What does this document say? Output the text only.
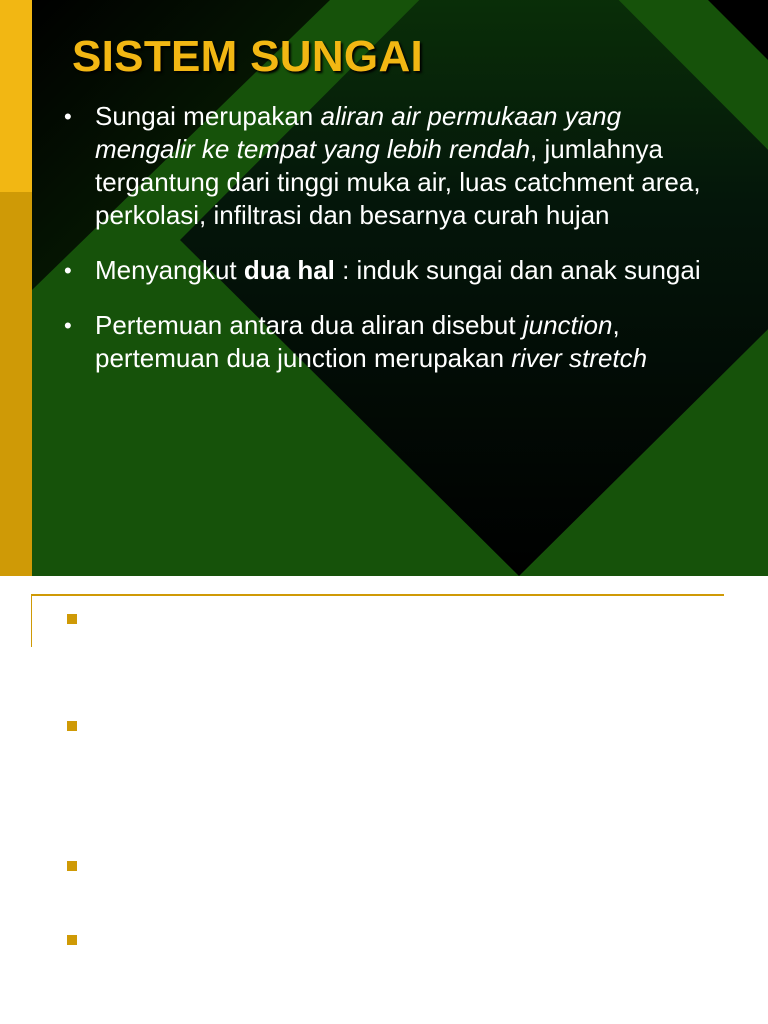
SISTEM SUNGAI
• Sungai merupakan aliran air permukaan yang mengalir ke tempat yang lebih rendah, jumlahnya tergantung dari tinggi muka air, luas catchment area, perkolasi, infiltrasi dan besarnya curah hujan
• Menyangkut dua hal : induk sungai dan anak sungai
• Pertemuan antara dua aliran disebut junction, pertemuan dua junction merupakan river stretch
